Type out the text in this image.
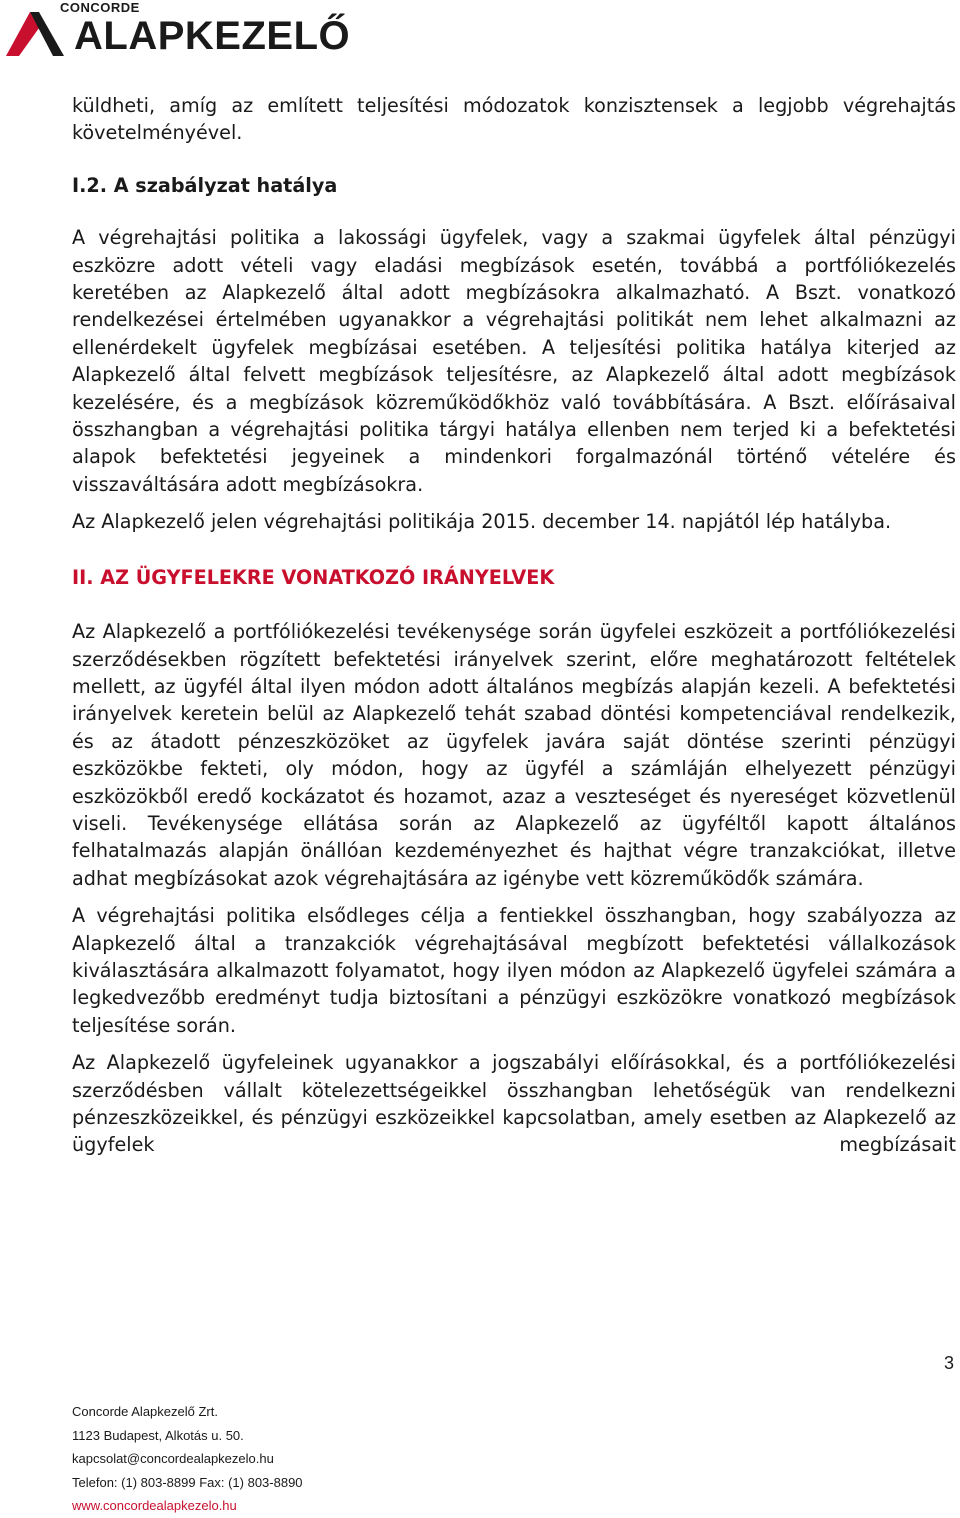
CONCORDE
ALAPKEZELŐ

küldheti, amíg az említett teljesítési módozatok konzisztensek a legjobb végrehajtás követelményével.

I.2. A szabályzat hatálya

A végrehajtási politika a lakossági ügyfelek, vagy a szakmai ügyfelek által pénzügyi eszközre adott vételi vagy eladási megbízások esetén, továbbá a portfóliókezelés keretében az Alapkezelő által adott megbízásokra alkalmazható. A Bszt. vonatkozó rendelkezései értelmében ugyanakkor a végrehajtási politikát nem lehet alkalmazni az ellenérdekelt ügyfelek megbízásai esetében. A teljesítési politika hatálya kiterjed az Alapkezelő által felvett megbízások teljesítésre, az Alapkezelő által adott megbízások kezelésére, és a megbízások közreműködőkhöz való továbbítására. A Bszt. előírásaival összhangban a végrehajtási politika tárgyi hatálya ellenben nem terjed ki a befektetési alapok befektetési jegyeinek a mindenkori forgalmazónál történő vételére és visszaváltására adott megbízásokra.

Az Alapkezelő jelen végrehajtási politikája 2015. december 14. napjától lép hatályba.

II. AZ ÜGYFELEKRE VONATKOZÓ IRÁNYELVEK

Az Alapkezelő a portfóliókezelési tevékenysége során ügyfelei eszközeit a portfóliókezelési szerződésekben rögzített befektetési irányelvek szerint, előre meghatározott feltételek mellett, az ügyfél által ilyen módon adott általános megbízás alapján kezeli. A befektetési irányelvek keretein belül az Alapkezelő tehát szabad döntési kompetenciával rendelkezik, és az átadott pénzeszközöket az ügyfelek javára saját döntése szerinti pénzügyi eszközökbe fekteti, oly módon, hogy az ügyfél a számláján elhelyezett pénzügyi eszközökből eredő kockázatot és hozamot, azaz a veszteséget és nyereséget közvetlenül viseli. Tevékenysége ellátása során az Alapkezelő az ügyféltől kapott általános felhatalmazás alapján önállóan kezdeményezhet és hajthat végre tranzakciókat, illetve adhat megbízásokat azok végrehajtására az igénybe vett közreműködők számára.

A végrehajtási politika elsődleges célja a fentiekkel összhangban, hogy szabályozza az Alapkezelő által a tranzakciók végrehajtásával megbízott befektetési vállalkozások kiválasztására alkalmazott folyamatot, hogy ilyen módon az Alapkezelő ügyfelei számára a legkedvezőbb eredményt tudja biztosítani a pénzügyi eszközökre vonatkozó megbízások teljesítése során.

Az Alapkezelő ügyfeleinek ugyanakkor a jogszabályi előírásokkal, és a portfóliókezelési szerződésben vállalt kötelezettségeikkel összhangban lehetőségük van rendelkezni pénzeszközeikkel, és pénzügyi eszközeikkel kapcsolatban, amely esetben az Alapkezelő az ügyfelek megbízásait

3
Concorde Alapkezelő Zrt.
1123 Budapest, Alkotás u. 50.
kapcsolat@concordealapkezelo.hu
Telefon: (1) 803-8899 Fax: (1) 803-8890
www.concordealapkezelo.hu
